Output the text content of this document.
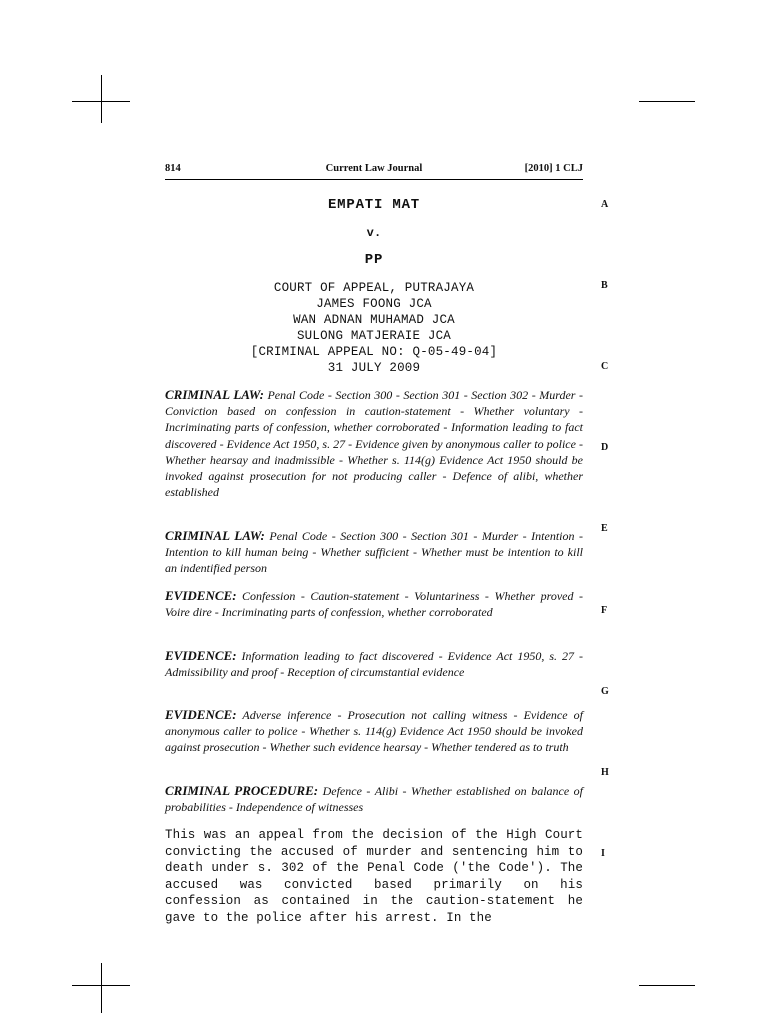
814	Current Law Journal	[2010] 1 CLJ
A
B
C
D
E
F
G
H
I
EMPATI MAT
v.
PP
COURT OF APPEAL, PUTRAJAYA
JAMES FOONG JCA
WAN ADNAN MUHAMAD JCA
SULONG MATJERAIE JCA
[CRIMINAL APPEAL NO: Q-05-49-04]
31 JULY 2009
CRIMINAL LAW: Penal Code - Section 300 - Section 301 - Section 302 - Murder - Conviction based on confession in caution-statement - Whether voluntary - Incriminating parts of confession, whether corroborated - Information leading to fact discovered - Evidence Act 1950, s. 27 - Evidence given by anonymous caller to police - Whether hearsay and inadmissible - Whether s. 114(g) Evidence Act 1950 should be invoked against prosecution for not producing caller - Defence of alibi, whether established
CRIMINAL LAW: Penal Code - Section 300 - Section 301 - Murder - Intention - Intention to kill human being - Whether sufficient - Whether must be intention to kill an indentified person
EVIDENCE: Confession - Caution-statement - Voluntariness - Whether proved - Voire dire - Incriminating parts of confession, whether corroborated
EVIDENCE: Information leading to fact discovered - Evidence Act 1950, s. 27 - Admissibility and proof - Reception of circumstantial evidence
EVIDENCE: Adverse inference - Prosecution not calling witness - Evidence of anonymous caller to police - Whether s. 114(g) Evidence Act 1950 should be invoked against prosecution - Whether such evidence hearsay - Whether tendered as to truth
CRIMINAL PROCEDURE: Defence - Alibi - Whether established on balance of probabilities - Independence of witnesses
This was an appeal from the decision of the High Court convicting the accused of murder and sentencing him to death under s. 302 of the Penal Code ('the Code'). The accused was convicted based primarily on his confession as contained in the caution-statement he gave to the police after his arrest. In the
